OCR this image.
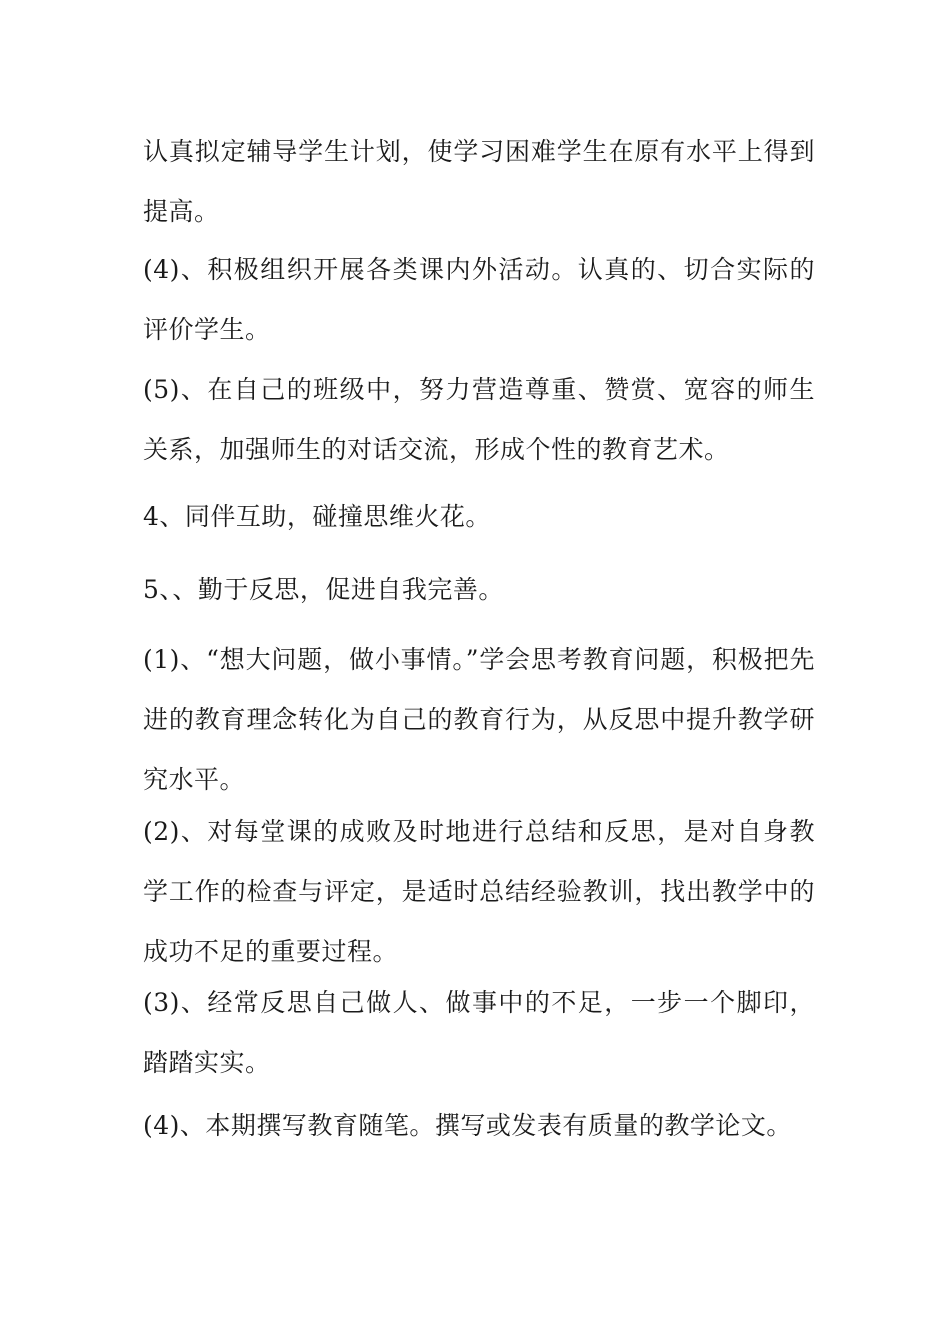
认真拟定辅导学生计划，使学习困难学生在原有水平上得到提高。

(4)、积极组织开展各类课内外活动。认真的、切合实际的评价学生。

(5)、在自己的班级中，努力营造尊重、赞赏、宽容的师生关系，加强师生的对话交流，形成个性的教育艺术。

4、同伴互助，碰撞思维火花。

5、、勤于反思，促进自我完善。

(1)、“想大问题，做小事情。”学会思考教育问题，积极把先进的教育理念转化为自己的教育行为，从反思中提升教学研究水平。

(2)、对每堂课的成败及时地进行总结和反思，是对自身教学工作的检查与评定，是适时总结经验教训，找出教学中的成功不足的重要过程。

(3)、经常反思自己做人、做事中的不足，一步一个脚印，踏踏实实。

(4)、本期撰写教育随笔。撰写或发表有质量的教学论文。
